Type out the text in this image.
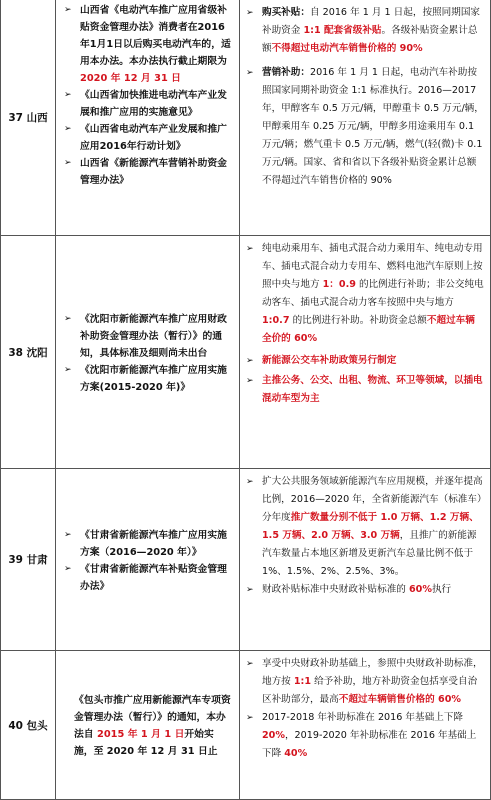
37 山西
➢ 山西省《电动汽车推广应用省级补贴资金管理办法》消费者在2016年1月1日以后购买电动汽车的，适用本办法。本办法执行截止期限为2020 年 12 月 31 日
➢ 《山西省加快推进电动汽车产业发展和推广应用的实施意见》
➢ 《山西省电动汽车产业发展和推广应用2016年行动计划》
➢ 山西省《新能源汽车营销补助资金管理办法》
➢ 购买补贴：自 2016 年 1 月 1 日起，按照同期国家补助资金 1:1 配套省级补贴。各级补贴资金累计总额不得超过电动汽车销售价格的 90%
➢ 营销补助：2016 年 1 月 1 日起，电动汽车补助按照国家同期补助资金 1:1 标准执行。2016—2017 年，甲醇客车 0.5 万元/辆，甲醇重卡 0.5 万元/辆，甲醇乘用车 0.25 万元/辆，甲醇多用途乘用车 0.1 万元/辆；燃气重卡 0.5 万元/辆，燃气(轻(微)卡 0.1 万元/辆。国家、省和省以下各级补贴资金累计总额不得超过汽车销售价格的 90%
38 沈阳
➢ 《沈阳市新能源汽车推广应用财政补助资金管理办法（暂行）》的通知，具体标准及细则尚未出台
➢ 《沈阳市新能源汽车推广应用实施方案(2015-2020 年)》
➢ 纯电动乘用车、插电式混合动力乘用车、纯电动专用车、插电式混合动力专用车、燃料电池汽车原则上按照中央与地方 1：0.9 的比例进行补助；非公交纯电动客车、插电式混合动力客车按照中央与地方 1:0.7 的比例进行补助。补助资金总额不超过车辆全价的 60%
➢ 新能源公交车补助政策另行制定
➢ 主推公务、公交、出租、物流、环卫等领域，以插电混动车型为主
39 甘肃
➢ 《甘肃省新能源汽车推广应用实施方案（2016—2020 年）》
➢ 《甘肃省新能源汽车补贴资金管理办法》
➢ 扩大公共服务领域新能源汽车应用规模，并逐年提高比例，2016—2020 年，全省新能源汽车（标准车）分年度推广数量分别不低于 1.0 万辆、1.2 万辆、1.5 万辆、2.0 万辆、3.0 万辆，且推广的新能源汽车数量占本地区新增及更新汽车总量比例不低于 1%、1.5%、2%、2.5%、3%。
➢ 财政补贴标准中央财政补贴标准的 60%执行
40 包头
《包头市推广应用新能源汽车专项资金管理办法（暂行）》的通知，本办法自 2015 年 1 月 1 日开始实施，至 2020 年 12 月 31 日止
➢ 享受中央财政补助基础上，参照中央财政补助标准，地方按 1:1 给予补助，地方补助资金包括享受自治区补助部分，最高不超过车辆销售价格的 60%
➢ 2017-2018 年补助标准在 2016 年基础上下降 20%，2019-2020 年补助标准在 2016 年基础上下降 40%
